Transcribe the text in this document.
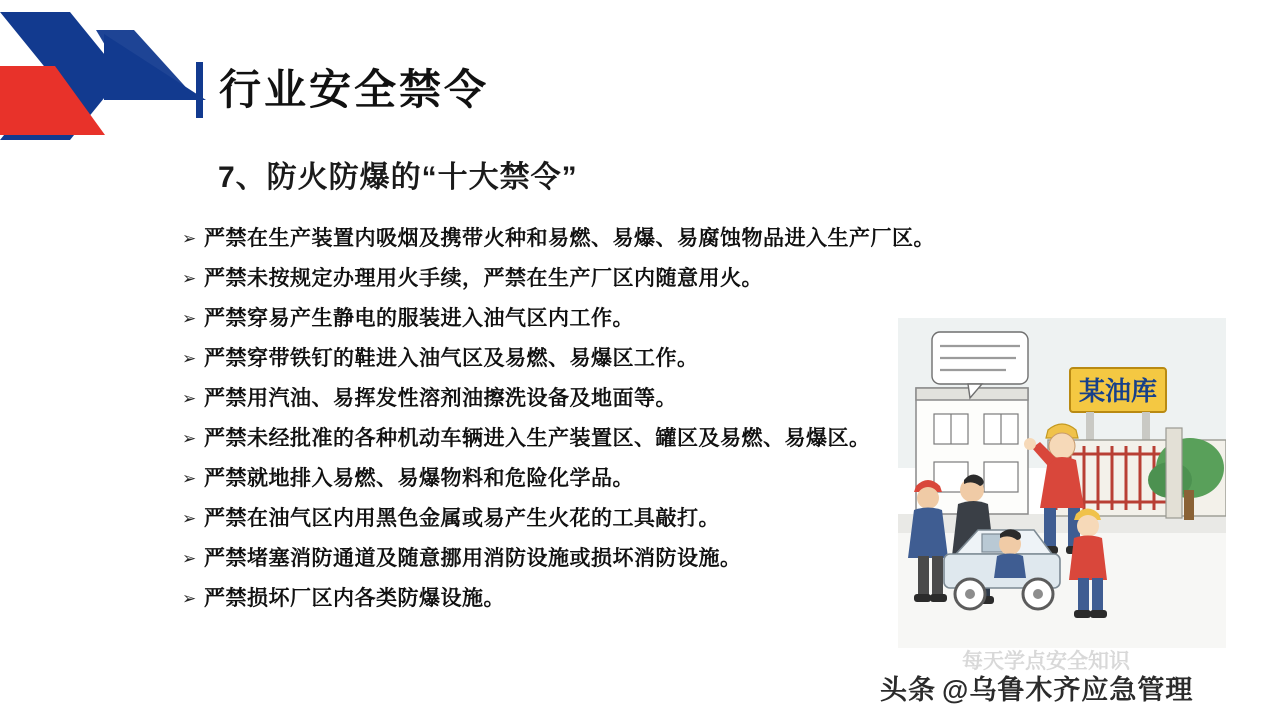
行业安全禁令
7、防火防爆的“十大禁令”
➢ 严禁在生产装置内吸烟及携带火种和易燃、易爆、易腐蚀物品进入生产厂区。
➢ 严禁未按规定办理用火手续，严禁在生产厂区内随意用火。
➢ 严禁穿易产生静电的服装进入油气区内工作。
➢ 严禁穿带铁钉的鞋进入油气区及易燃、易爆区工作。
➢ 严禁用汽油、易挥发性溶剂油擦洗设备及地面等。
➢ 严禁未经批准的各种机动车辆进入生产装置区、罐区及易燃、易爆区。
➢ 严禁就地排入易燃、易爆物料和危险化学品。
➢ 严禁在油气区内用黑色金属或易产生火花的工具敲打。
➢ 严禁堵塞消防通道及随意挪用消防设施或损坏消防设施。
➢ 严禁损坏厂区内各类防爆设施。
某油库
每天学点安全知识
头条 @乌鲁木齐应急管理
